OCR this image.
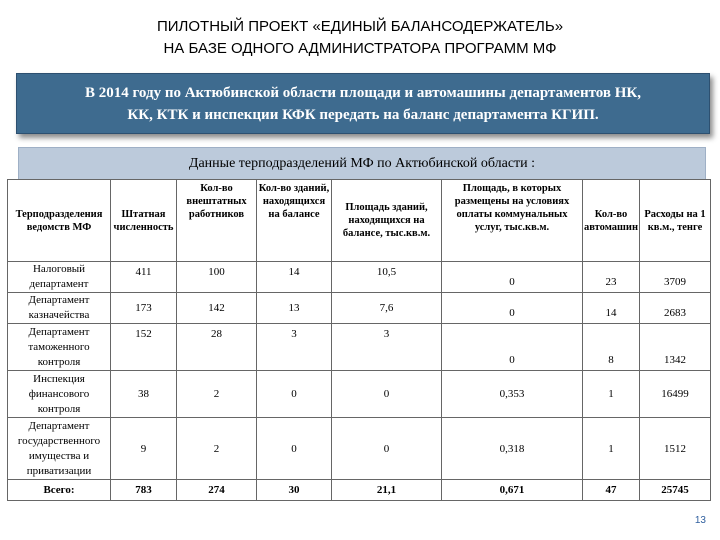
ПИЛОТНЫЙ ПРОЕКТ «ЕДИНЫЙ БАЛАНСОДЕРЖАТЕЛЬ»
НА БАЗЕ ОДНОГО АДМИНИСТРАТОРА ПРОГРАММ МФ
В 2014 году по Актюбинской области площади и автомашины департаментов НК,
КК, КТК и инспекции КФК передать на баланс департамента КГИП.
Данные терподразделений МФ по Актюбинской области :
Терподразделения ведомств МФ	Штатная численность	Кол-во внештатных работников	Кол-во зданий, находящихся на балансе	Площадь зданий, находящихся на балансе, тыс.кв.м.	Площадь, в которых размещены на условиях оплаты коммунальных услуг, тыс.кв.м.	Кол-во автомашин	Расходы на 1 кв.м., тенге
Налоговый департамент	411	100	14	10,5	0	23	3709
Департамент казначейства	173	142	13	7,6	0	14	2683
Департамент таможенного контроля	152	28	3	3	0	8	1342
Инспекция финансового контроля	38	2	0	0	0,353	1	16499
Департамент государственного имущества и приватизации	9	2	0	0	0,318	1	1512
Всего:	783	274	30	21,1	0,671	47	25745
13
